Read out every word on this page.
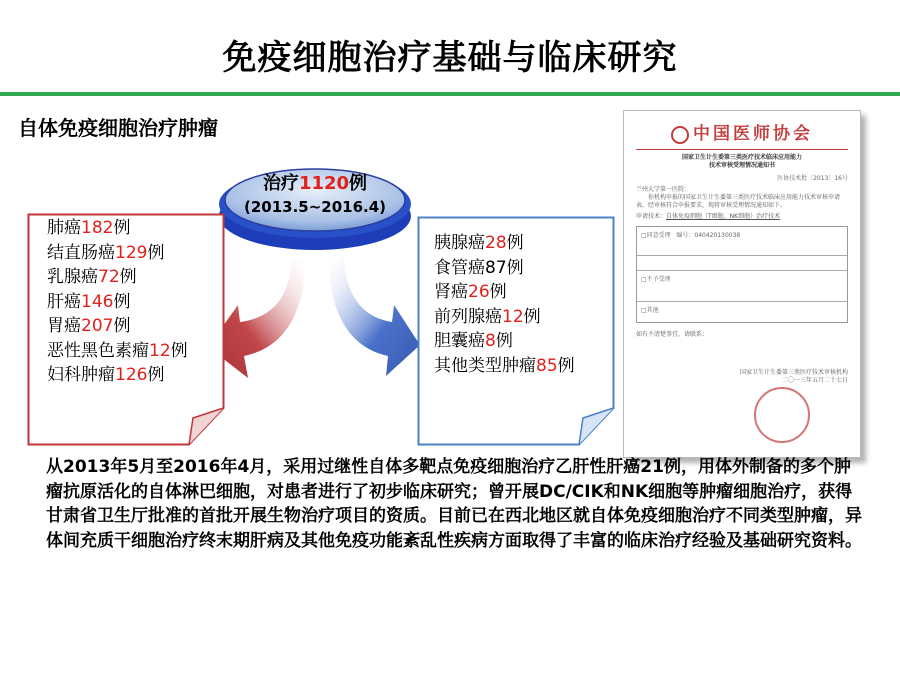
免疫细胞治疗基础与临床研究
自体免疫细胞治疗肿瘤
治疗1120例
(2013.5~2016.4)
肺癌182例
结直肠癌129例
乳腺癌72例
肝癌146例
胃癌207例
恶性黑色素瘤12例
妇科肿瘤126例
胰腺癌28例
食管癌87例
肾癌26例
前列腺癌12例
胆囊癌8例
其他类型肿瘤85例
中国医师协会
国家卫生计生委第三类医疗技术临床应用能力
技术审核受理情况通知书
医协技术批〔2013〕16号
兰州大学第一医院：
你机构申报的国家卫生计生委第三类医疗技术临床应用能力技术审核申请表，经审核符合申报要求，现将审核受理情况通知如下。
申请技术：自体免疫细胞（T细胞、NK细胞）治疗技术
□同意受理 编号：040420130038
□不予受理
□其他
如有不清楚事宜，请联系：
国家卫生计生委第三类医疗技术审核机构
二〇一三年五月二十七日

从2013年5月至2016年4月，采用过继性自体多靶点免疫细胞治疗乙肝性肝癌21例，用体外制备的多个肿瘤抗原活化的自体淋巴细胞，对患者进行了初步临床研究；曾开展DC/CIK和NK细胞等肿瘤细胞治疗，获得甘肃省卫生厅批准的首批开展生物治疗项目的资质。目前已在西北地区就自体免疫细胞治疗不同类型肿瘤，异体间充质干细胞治疗终末期肝病及其他免疫功能紊乱性疾病方面取得了丰富的临床治疗经验及基础研究资料。
